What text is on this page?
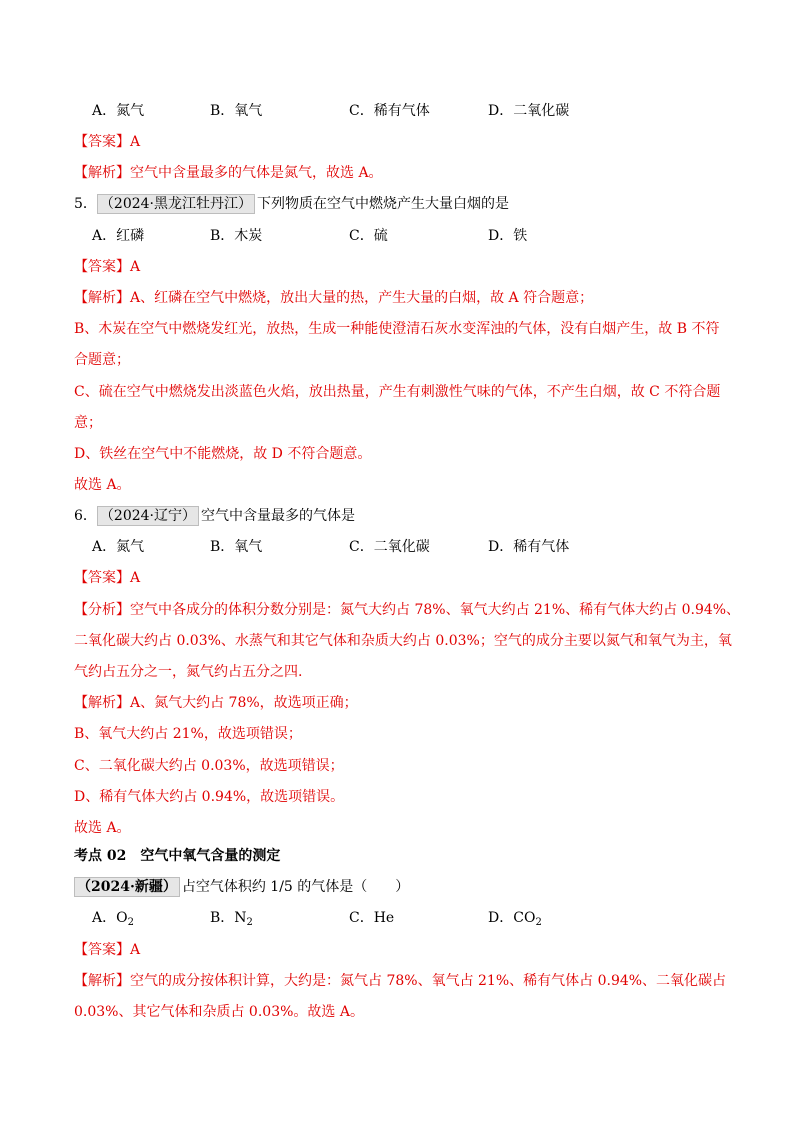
A．氮气	B．氧气	C．稀有气体	D．二氧化碳
【答案】A
【解析】空气中含量最多的气体是氮气，故选 A。
5． （2024·黑龙江牡丹江） 下列物质在空气中燃烧产生大量白烟的是
A．红磷	B．木炭	C．硫	D．铁
【答案】A
【解析】A、红磷在空气中燃烧，放出大量的热，产生大量的白烟，故 A 符合题意；
B、木炭在空气中燃烧发红光，放热，生成一种能使澄清石灰水变浑浊的气体，没有白烟产生，故 B 不符
合题意；
C、硫在空气中燃烧发出淡蓝色火焰，放出热量，产生有刺激性气味的气体，不产生白烟，故 C 不符合题
意；
D、铁丝在空气中不能燃烧，故 D 不符合题意。
故选 A。
6． （2024·辽宁） 空气中含量最多的气体是
A．氮气	B．氧气	C．二氧化碳	D．稀有气体
【答案】A
【分析】空气中各成分的体积分数分别是：氮气大约占 78%、氧气大约占 21%、稀有气体大约占 0.94%、
二氧化碳大约占 0.03%、水蒸气和其它气体和杂质大约占 0.03%；空气的成分主要以氮气和氧气为主，氧
气约占五分之一，氮气约占五分之四.
【解析】A、氮气大约占 78%，故选项正确；
B、氧气大约占 21%，故选项错误；
C、二氧化碳大约占 0.03%，故选项错误；
D、稀有气体大约占 0.94%，故选项错误。
故选 A。
考点 02　空气中氧气含量的测定
（2024·新疆） 占空气体积约 1/5 的气体是（　　）
A．$O_2$	B．$N_2$	C．He	D．$CO_2$
【答案】A
【解析】空气的成分按体积计算，大约是：氮气占 78%、氧气占 21%、稀有气体占 0.94%、二氧化碳占
0.03%、其它气体和杂质占 0.03%。故选 A。
